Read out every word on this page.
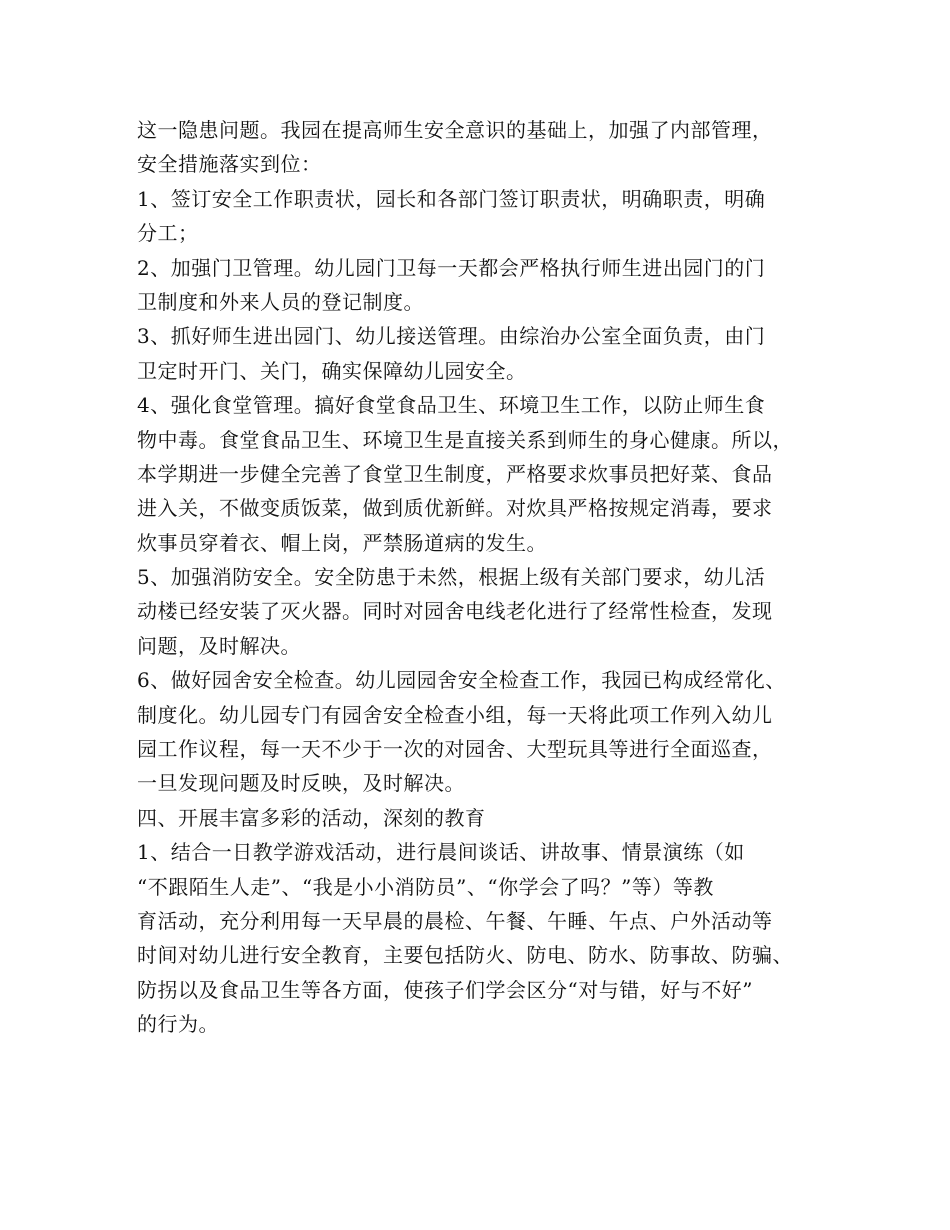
这一隐患问题。我园在提高师生安全意识的基础上，加强了内部管理，
安全措施落实到位：
1、签订安全工作职责状，园长和各部门签订职责状，明确职责，明确
分工；
2、加强门卫管理。幼儿园门卫每一天都会严格执行师生进出园门的门
卫制度和外来人员的登记制度。
3、抓好师生进出园门、幼儿接送管理。由综治办公室全面负责，由门
卫定时开门、关门，确实保障幼儿园安全。
4、强化食堂管理。搞好食堂食品卫生、环境卫生工作，以防止师生食
物中毒。食堂食品卫生、环境卫生是直接关系到师生的身心健康。所以，
本学期进一步健全完善了食堂卫生制度，严格要求炊事员把好菜、食品
进入关，不做变质饭菜，做到质优新鲜。对炊具严格按规定消毒，要求
炊事员穿着衣、帽上岗，严禁肠道病的发生。
5、加强消防安全。安全防患于未然，根据上级有关部门要求，幼儿活
动楼已经安装了灭火器。同时对园舍电线老化进行了经常性检查，发现
问题，及时解决。
6、做好园舍安全检查。幼儿园园舍安全检查工作，我园已构成经常化、
制度化。幼儿园专门有园舍安全检查小组，每一天将此项工作列入幼儿
园工作议程，每一天不少于一次的对园舍、大型玩具等进行全面巡查，
一旦发现问题及时反映，及时解决。
四、开展丰富多彩的活动，深刻的教育
1、结合一日教学游戏活动，进行晨间谈话、讲故事、情景演练（如
“不跟陌生人走”、“我是小小消防员”、“你学会了吗？”等）等教
育活动，充分利用每一天早晨的晨检、午餐、午睡、午点、户外活动等
时间对幼儿进行安全教育，主要包括防火、防电、防水、防事故、防骗、
防拐以及食品卫生等各方面，使孩子们学会区分“对与错，好与不好”
的行为。
